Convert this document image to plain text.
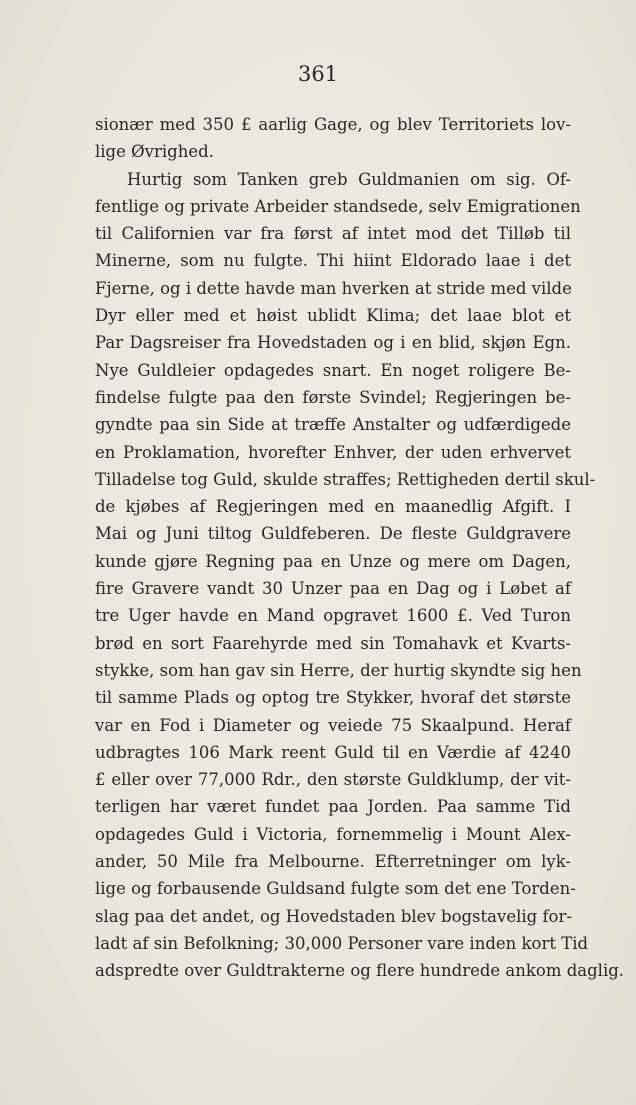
361
sionær med 350 £ aarlig Gage, og blev Territoriets lov-
lige Øvrighed.
Hurtig som Tanken greb Guldmanien om sig. Of-
fentlige og private Arbeider standsede, selv Emigrationen
til Californien var fra først af intet mod det Tilløb til
Minerne, som nu fulgte. Thi hiint Eldorado laae i det
Fjerne, og i dette havde man hverken at stride med vilde
Dyr eller med et høist ublidt Klima; det laae blot et
Par Dagsreiser fra Hovedstaden og i en blid, skjøn Egn.
Nye Guldleier opdagedes snart. En noget roligere Be-
findelse fulgte paa den første Svindel; Regjeringen be-
gyndte paa sin Side at træffe Anstalter og udfærdigede
en Proklamation, hvorefter Enhver, der uden erhvervet
Tilladelse tog Guld, skulde straffes; Rettigheden dertil skul-
de kjøbes af Regjeringen med en maanedlig Afgift. I
Mai og Juni tiltog Guldfeberen. De fleste Guldgravere
kunde gjøre Regning paa en Unze og mere om Dagen,
fire Gravere vandt 30 Unzer paa en Dag og i Løbet af
tre Uger havde en Mand opgravet 1600 £. Ved Turon
brød en sort Faarehyrde med sin Tomahavk et Kvarts-
stykke, som han gav sin Herre, der hurtig skyndte sig hen
til samme Plads og optog tre Stykker, hvoraf det største
var en Fod i Diameter og veiede 75 Skaalpund. Heraf
udbragtes 106 Mark reent Guld til en Værdie af 4240
£ eller over 77,000 Rdr., den største Guldklump, der vit-
terligen har været fundet paa Jorden. Paa samme Tid
opdagedes Guld i Victoria, fornemmelig i Mount Alex-
ander, 50 Mile fra Melbourne. Efterretninger om lyk-
lige og forbausende Guldsand fulgte som det ene Torden-
slag paa det andet, og Hovedstaden blev bogstavelig for-
ladt af sin Befolkning; 30,000 Personer vare inden kort Tid
adspredte over Guldtrakterne og flere hundrede ankom daglig.
